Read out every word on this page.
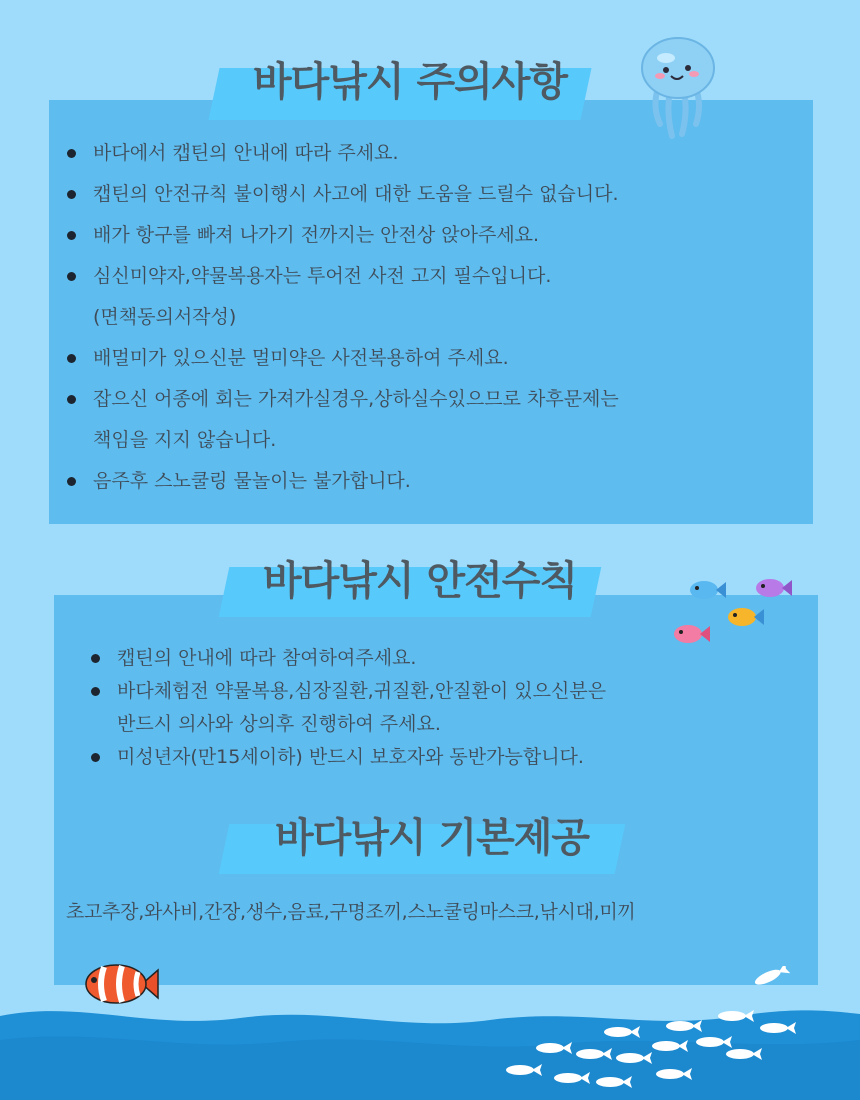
바다낚시 주의사항
바다에서 캡틴의 안내에 따라 주세요.
캡틴의 안전규칙 불이행시 사고에 대한 도움을 드릴수 없습니다.
배가 항구를 빠져 나가기 전까지는 안전상 앉아주세요.
심신미약자,약물복용자는 투어전 사전 고지 필수입니다.
(면책동의서작성)
배멀미가 있으신분 멀미약은 사전복용하여 주세요.
잡으신 어종에 회는 가져가실경우,상하실수있으므로 차후문제는
책임을 지지 않습니다.
음주후 스노쿨링 물놀이는 불가합니다.
바다낚시 안전수칙
캡틴의 안내에 따라 참여하여주세요.
바다체험전 약물복용,심장질환,귀질환,안질환이 있으신분은
반드시 의사와 상의후 진행하여 주세요.
미성년자(만15세이하) 반드시 보호자와 동반가능합니다.
바다낚시 기본제공
초고추장,와사비,간장,생수,음료,구명조끼,스노쿨링마스크,낚시대,미끼
